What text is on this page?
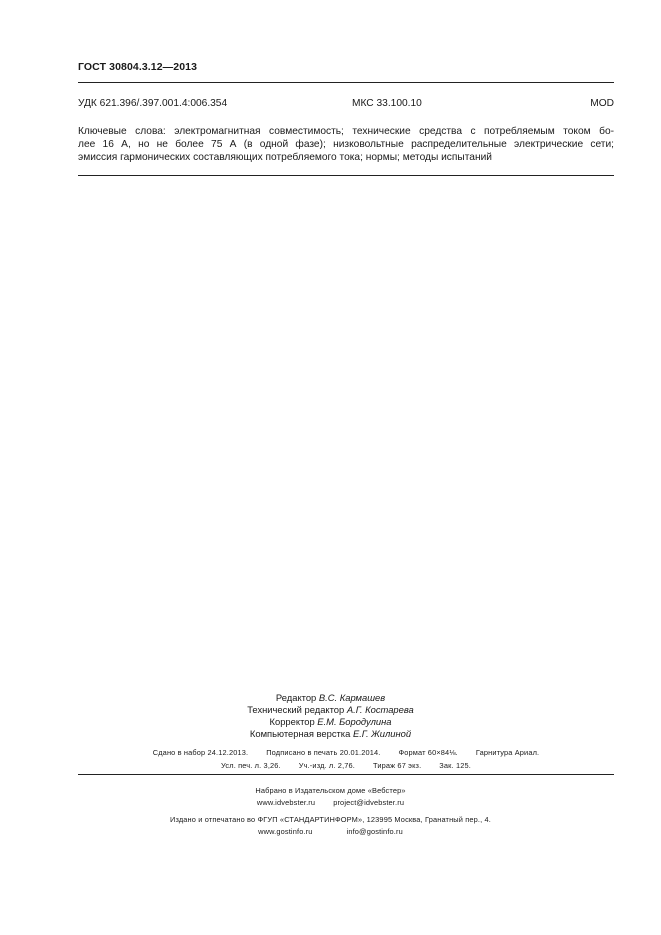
ГОСТ 30804.3.12—2013
УДК 621.396/.397.001.4:006.354	МКС 33.100.10	MOD
Ключевые слова: электромагнитная совместимость; технические средства с потребляемым током бо-
лее 16 А, но не более 75 А (в одной фазе); низковольтные распределительные электрические сети;
эмиссия гармонических составляющих потребляемого тока; нормы; методы испытаний
Редактор В.С. Кармашев
Технический редактор А.Г. Костарева
Корректор Е.М. Бородулина
Компьютерная верстка Е.Г. Жилиной
Сдано в набор 24.12.2013. Подписано в печать 20.01.2014. Формат 60×84⅛. Гарнитура Ариал.
Усл. печ. л. 3,26. Уч.-изд. л. 2,76. Тираж 67 экз. Зак. 125.
Набрано в Издательском доме «Вебстер»
www.idvebster.ru project@idvebster.ru
Издано и отпечатано во ФГУП «СТАНДАРТИНФОРМ», 123995 Москва, Гранатный пер., 4.
www.gostinfo.ru	info@gostinfo.ru
